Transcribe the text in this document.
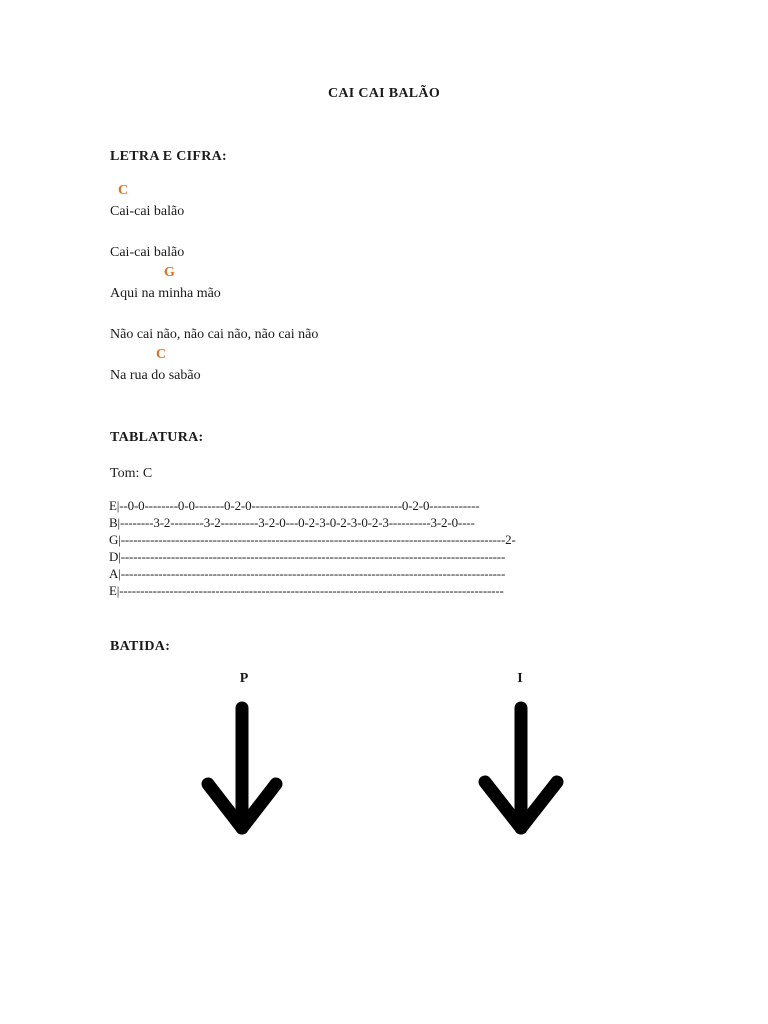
CAI CAI BALÃO
LETRA E CIFRA:
C
Cai-cai balão
Cai-cai balão
G
Aqui na minha mão
Não cai não, não cai não, não cai não
C
Na rua do sabão
TABLATURA:
Tom: C
E|--0-0--------0-0-------0-2-0------------------------------------0-2-0------------
B|--------3-2--------3-2---------3-2-0---0-2-3-0-2-3-0-2-3----------3-2-0----
G|--------------------------------------------------------------------------------------------2-
D|--------------------------------------------------------------------------------------------
A|--------------------------------------------------------------------------------------------
E|--------------------------------------------------------------------------------------------
BATIDA:
P	I
